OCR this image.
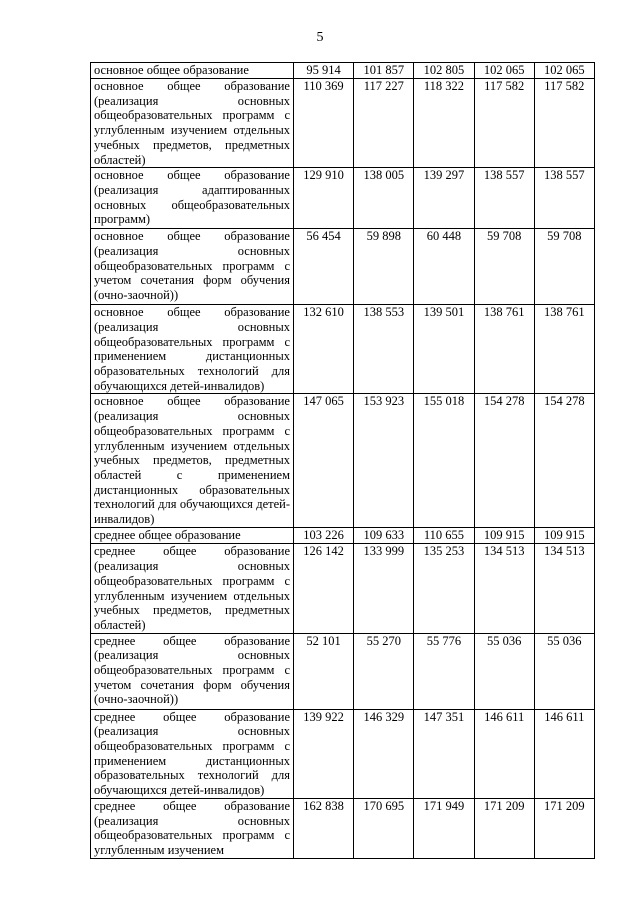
5
основное общее образование	95 914	101 857	102 805	102 065	102 065
основное общее образование (реализация основных общеобразовательных программ с углубленным изучением отдельных учебных предметов, предметных областей)	110 369	117 227	118 322	117 582	117 582
основное общее образование (реализация адаптированных основных общеобразовательных программ)	129 910	138 005	139 297	138 557	138 557
основное общее образование (реализация основных общеобразовательных программ с учетом сочетания форм обучения (очно-заочной))	56 454	59 898	60 448	59 708	59 708
основное общее образование (реализация основных общеобразовательных программ с применением дистанционных образовательных технологий для обучающихся детей-инвалидов)	132 610	138 553	139 501	138 761	138 761
основное общее образование (реализация основных общеобразовательных программ с углубленным изучением отдельных учебных предметов, предметных областей с применением дистанционных образовательных технологий для обучающихся детей-инвалидов)	147 065	153 923	155 018	154 278	154 278
среднее общее образование	103 226	109 633	110 655	109 915	109 915
среднее общее образование (реализация основных общеобразовательных программ с углубленным изучением отдельных учебных предметов, предметных областей)	126 142	133 999	135 253	134 513	134 513
среднее общее образование (реализация основных общеобразовательных программ с учетом сочетания форм обучения (очно-заочной))	52 101	55 270	55 776	55 036	55 036
среднее общее образование (реализация основных общеобразовательных программ с применением дистанционных образовательных технологий для обучающихся детей-инвалидов)	139 922	146 329	147 351	146 611	146 611
среднее общее образование (реализация основных общеобразовательных программ с углубленным изучением	162 838	170 695	171 949	171 209	171 209
